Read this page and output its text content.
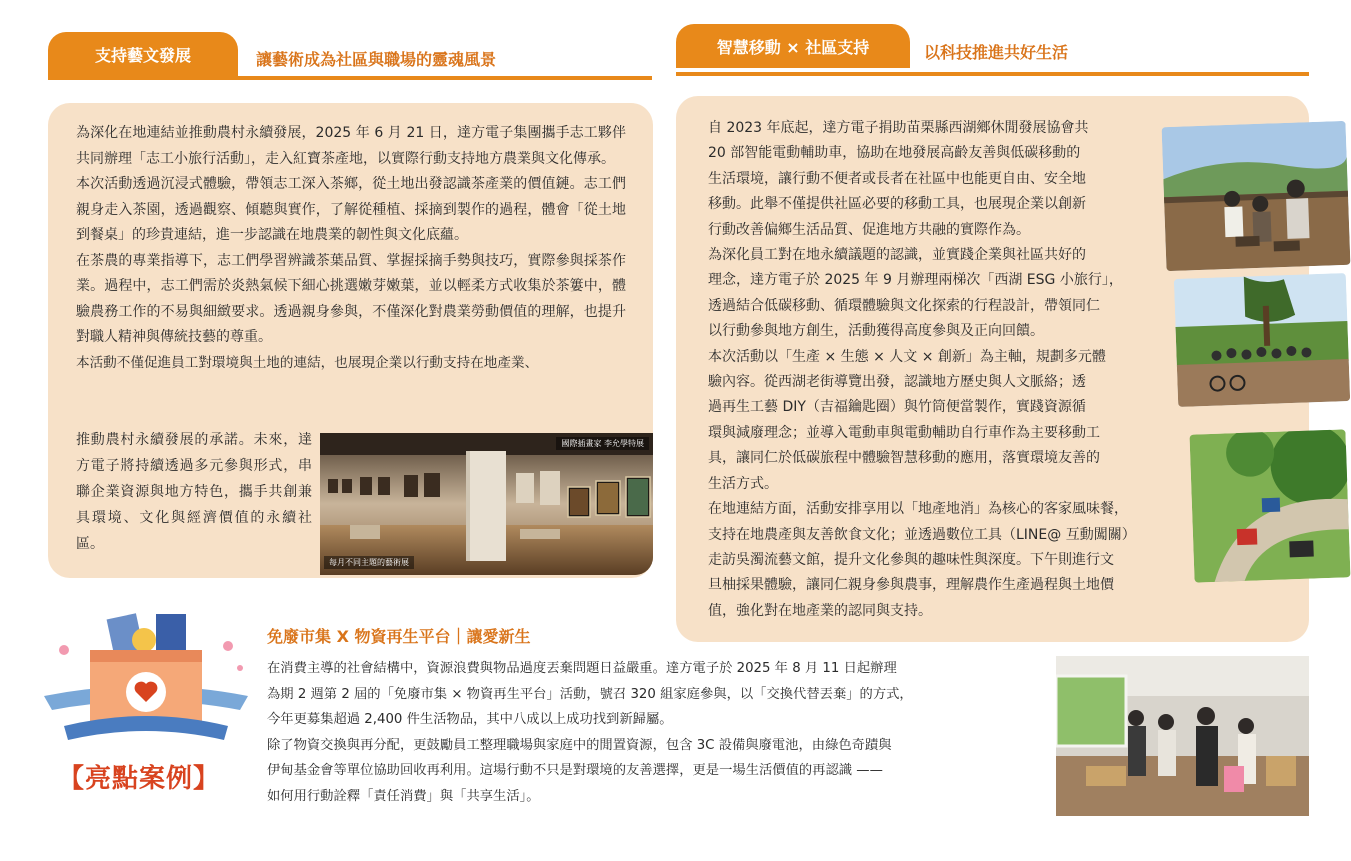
支持藝文發展	讓藝術成為社區與職場的靈魂風景

為深化在地連結並推動農村永續發展，2025 年 6 月 21 日，達方電子集團攜手志工夥伴共同辦理「志工小旅行活動」，走入紅寶茶產地，以實際行動支持地方農業與文化傳承。

本次活動透過沉浸式體驗，帶領志工深入茶鄉，從土地出發認識茶產業的價值鏈。志工們親身走入茶園，透過觀察、傾聽與實作，了解從種植、採摘到製作的過程，體會「從土地到餐桌」的珍貴連結，進一步認識在地農業的韌性與文化底蘊。

在茶農的專業指導下，志工們學習辨識茶葉品質、掌握採摘手勢與技巧，實際參與採茶作業。過程中，志工們需於炎熱氣候下細心挑選嫩芽嫩葉，並以輕柔方式收集於茶簍中，體驗農務工作的不易與細緻要求。透過親身參與，不僅深化對農業勞動價值的理解，也提升對職人精神與傳統技藝的尊重。

本活動不僅促進員工對環境與土地的連結，也展現企業以行動支持在地產業、

推動農村永續發展的承諾。未來，達方電子將持續透過多元參與形式，串聯企業資源與地方特色，攜手共創兼具環境、文化與經濟價值的永續社區。

國際插畫家 李允學特展
每月不同主題的藝術展
智慧移動 × 社區支持	以科技推進共好生活
自 2023 年底起，達方電子捐助苗栗縣西湖鄉休閒發展協會共
20 部智能電動輔助車，協助在地發展高齡友善與低碳移動的
生活環境，讓行動不便者或長者在社區中也能更自由、安全地
移動。此舉不僅提供社區必要的移動工具，也展現企業以創新
行動改善偏鄉生活品質、促進地方共融的實際作為。
為深化員工對在地永續議題的認識，並實踐企業與社區共好的
理念，達方電子於 2025 年 9 月辦理兩梯次「西湖 ESG 小旅行」，
透過結合低碳移動、循環體驗與文化探索的行程設計，帶領同仁
以行動參與地方創生，活動獲得高度參與及正向回饋。
本次活動以「生產 × 生態 × 人文 × 創新」為主軸，規劃多元體
驗內容。從西湖老街導覽出發，認識地方歷史與人文脈絡；透
過再生工藝 DIY（吉福鑰匙圈）與竹筒便當製作，實踐資源循
環與減廢理念；並導入電動車與電動輔助自行車作為主要移動工
具，讓同仁於低碳旅程中體驗智慧移動的應用，落實環境友善的
生活方式。
在地連結方面，活動安排享用以「地產地消」為核心的客家風味餐，
支持在地農產與友善飲食文化；並透過數位工具（LINE@ 互動闖關）
走訪吳濁流藝文館，提升文化參與的趣味性與深度。下午則進行文
旦柚採果體驗，讓同仁親身參與農事，理解農作生產過程與土地價
值，強化對在地產業的認同與支持。
【亮點案例】
免廢市集 X 物資再生平台｜讓愛新生
在消費主導的社會結構中，資源浪費與物品過度丟棄問題日益嚴重。達方電子於 2025 年 8 月 11 日起辦理
為期 2 週第 2 屆的「免廢市集 × 物資再生平台」活動，號召 320 組家庭參與，以「交換代替丟棄」的方式，
今年更募集超過 2,400 件生活物品，其中八成以上成功找到新歸屬。
除了物資交換與再分配，更鼓勵員工整理職場與家庭中的閒置資源，包含 3C 設備與廢電池，由綠色奇蹟與
伊甸基金會等單位協助回收再利用。這場行動不只是對環境的友善選擇，更是一場生活價值的再認識 ——
如何用行動詮釋「責任消費」與「共享生活」。
